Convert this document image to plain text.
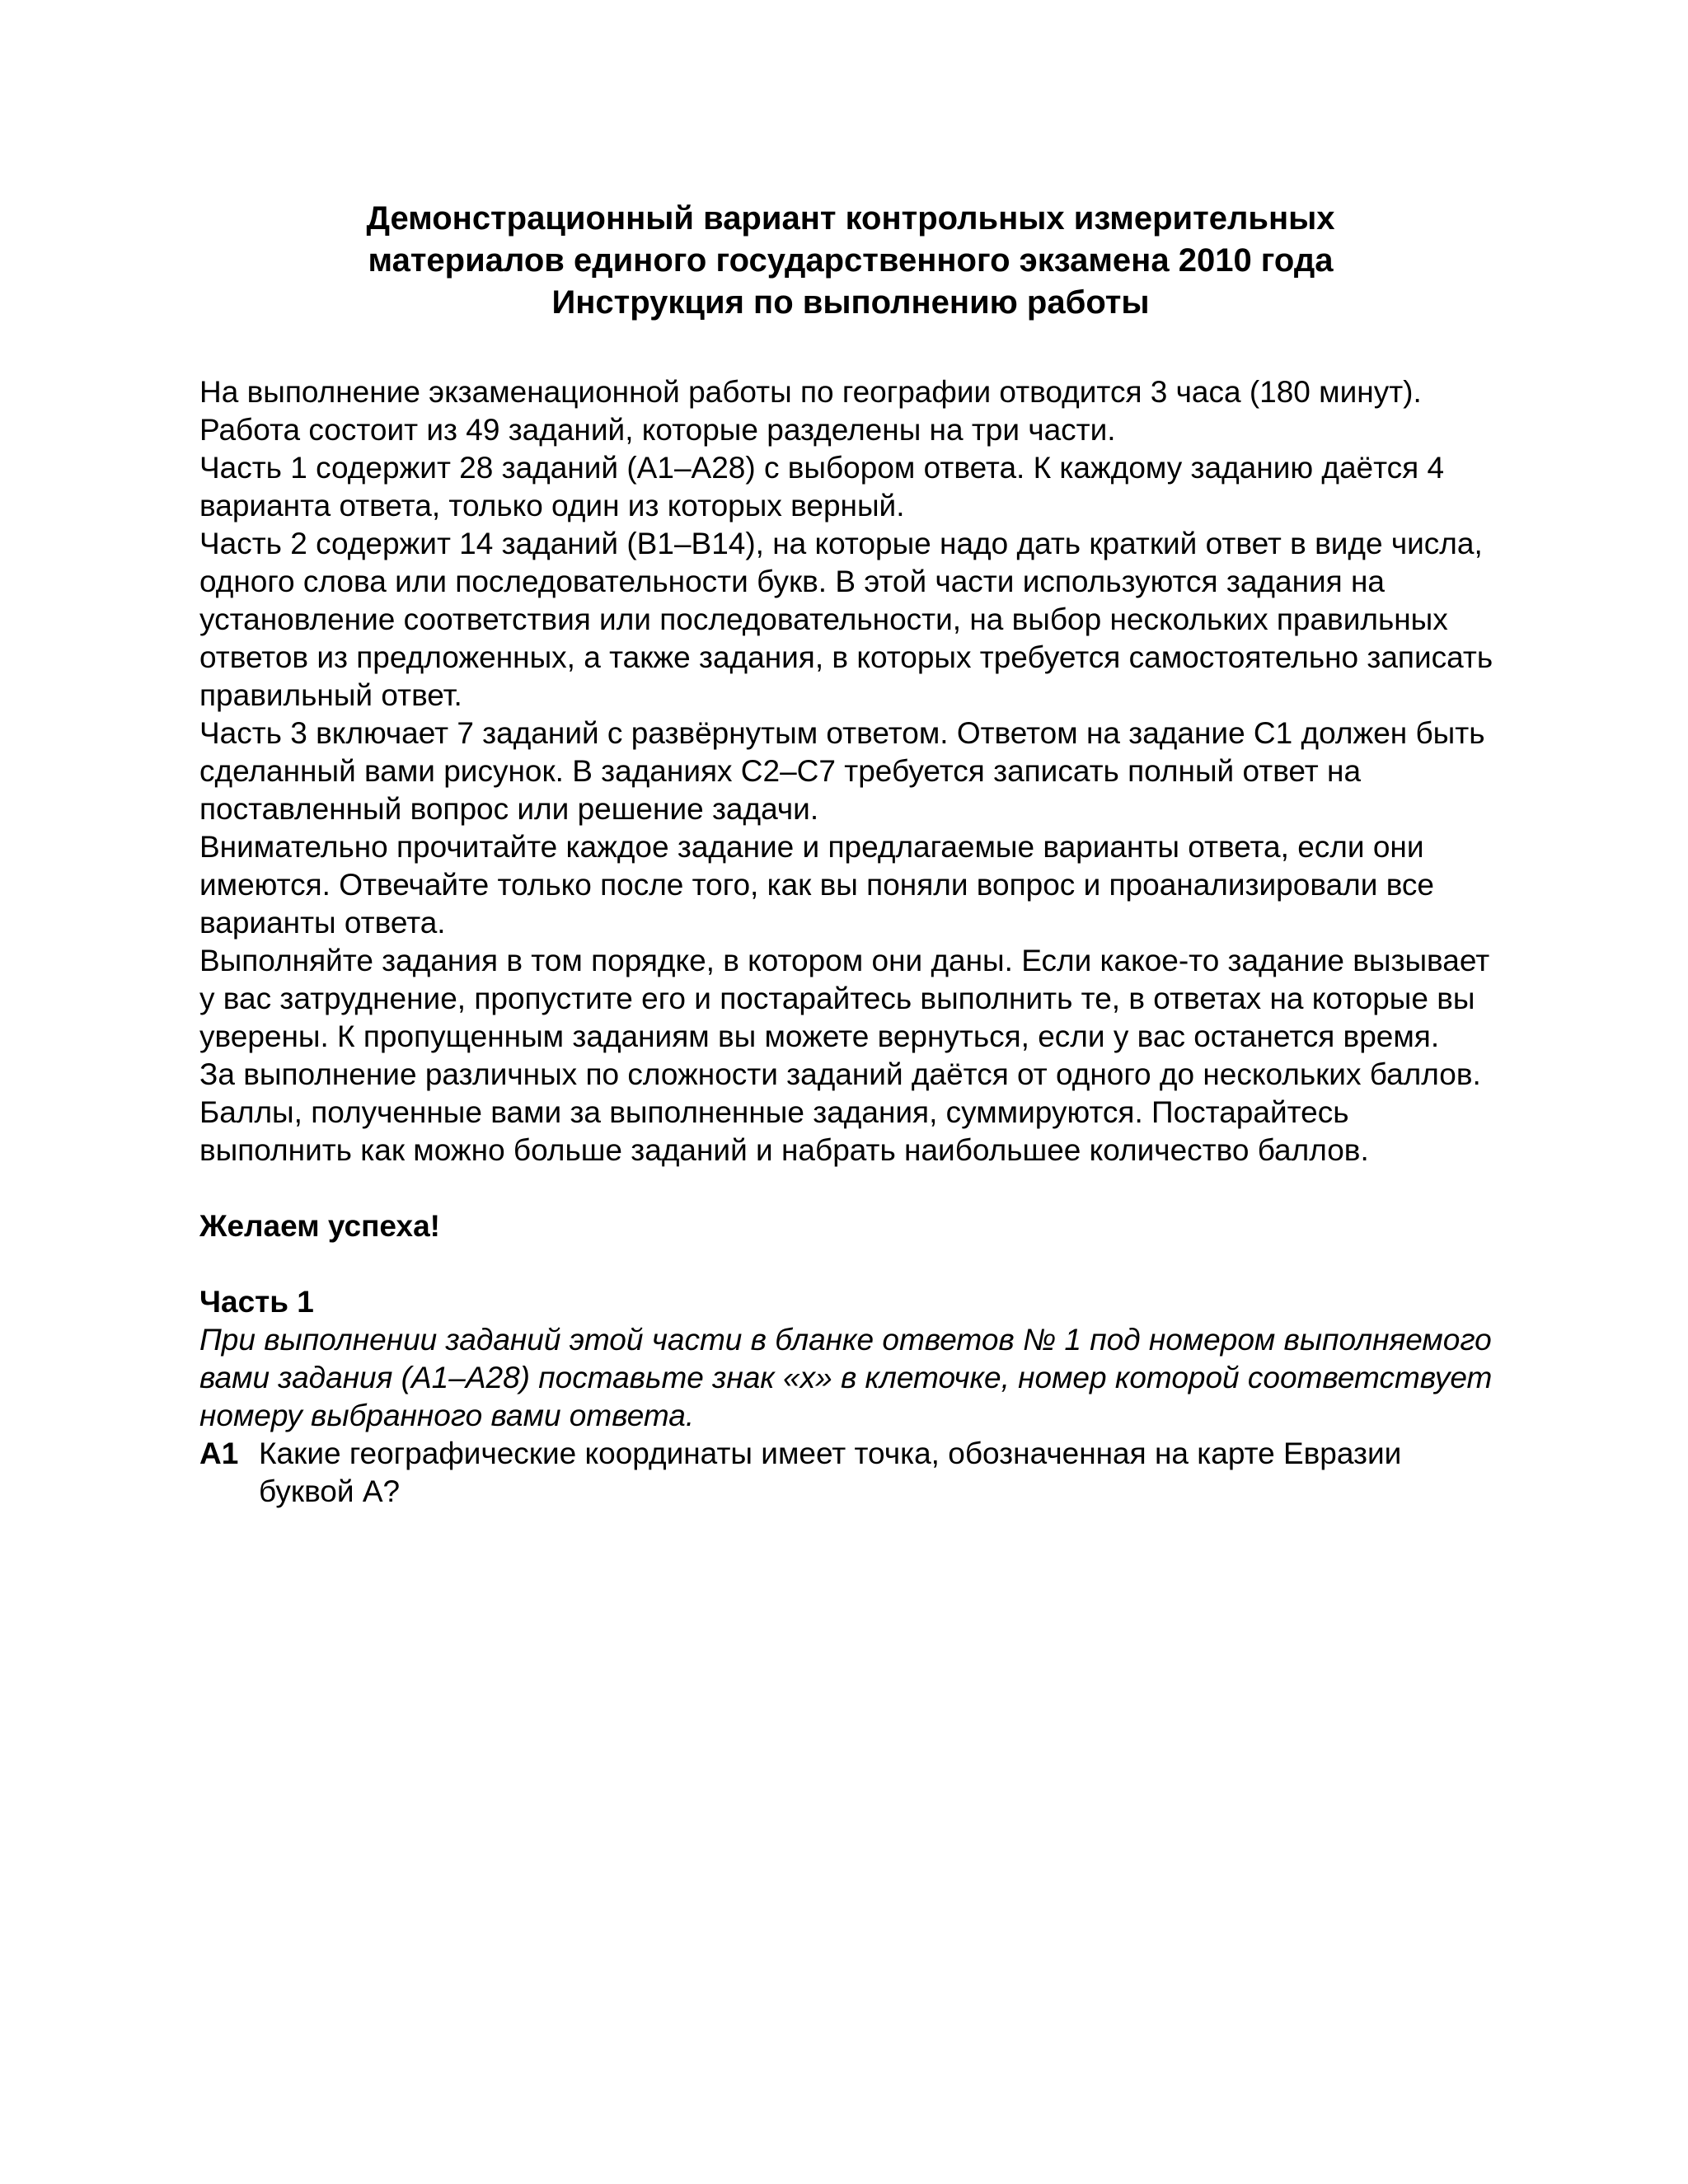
Демонстрационный вариант контрольных измерительных
материалов единого государственного экзамена 2010 года
Инструкция по выполнению работы

На выполнение экзаменационной работы по географии отводится 3 часа (180 минут). Работа состоит из 49 заданий, которые разделены на три части.

Часть 1 содержит 28 заданий (А1–А28) с выбором ответа. К каждому заданию даётся 4 варианта ответа, только один из которых верный.

Часть 2 содержит 14 заданий (В1–В14), на которые надо дать краткий ответ в виде числа, одного слова или последовательности букв. В этой части используются задания на установление соответствия или последовательности, на выбор нескольких правильных ответов из предложенных, а также задания, в которых требуется самостоятельно записать правильный ответ.

Часть 3 включает 7 заданий с развёрнутым ответом. Ответом на задание С1 должен быть сделанный вами рисунок. В заданиях С2–С7 требуется записать полный ответ на поставленный вопрос или решение задачи.

Внимательно прочитайте каждое задание и предлагаемые варианты ответа, если они имеются. Отвечайте только после того, как вы поняли вопрос и проанализировали все варианты ответа.

Выполняйте задания в том порядке, в котором они даны. Если какое-то задание вызывает у вас затруднение, пропустите его и постарайтесь выполнить те, в ответах на которые вы уверены. К пропущенным заданиям вы можете вернуться, если у вас останется время.

За выполнение различных по сложности заданий даётся от одного до нескольких баллов. Баллы, полученные вами за выполненные задания, суммируются. Постарайтесь выполнить как можно больше заданий и набрать наибольшее количество баллов.

Желаем успеха!

Часть 1

При выполнении заданий этой части в бланке ответов № 1 под номером выполняемого вами задания (А1–А28) поставьте знак «х» в клеточке, номер которой соответствует номеру выбранного вами ответа.

А1 Какие географические координаты имеет точка, обозначенная на карте Евразии буквой А?
